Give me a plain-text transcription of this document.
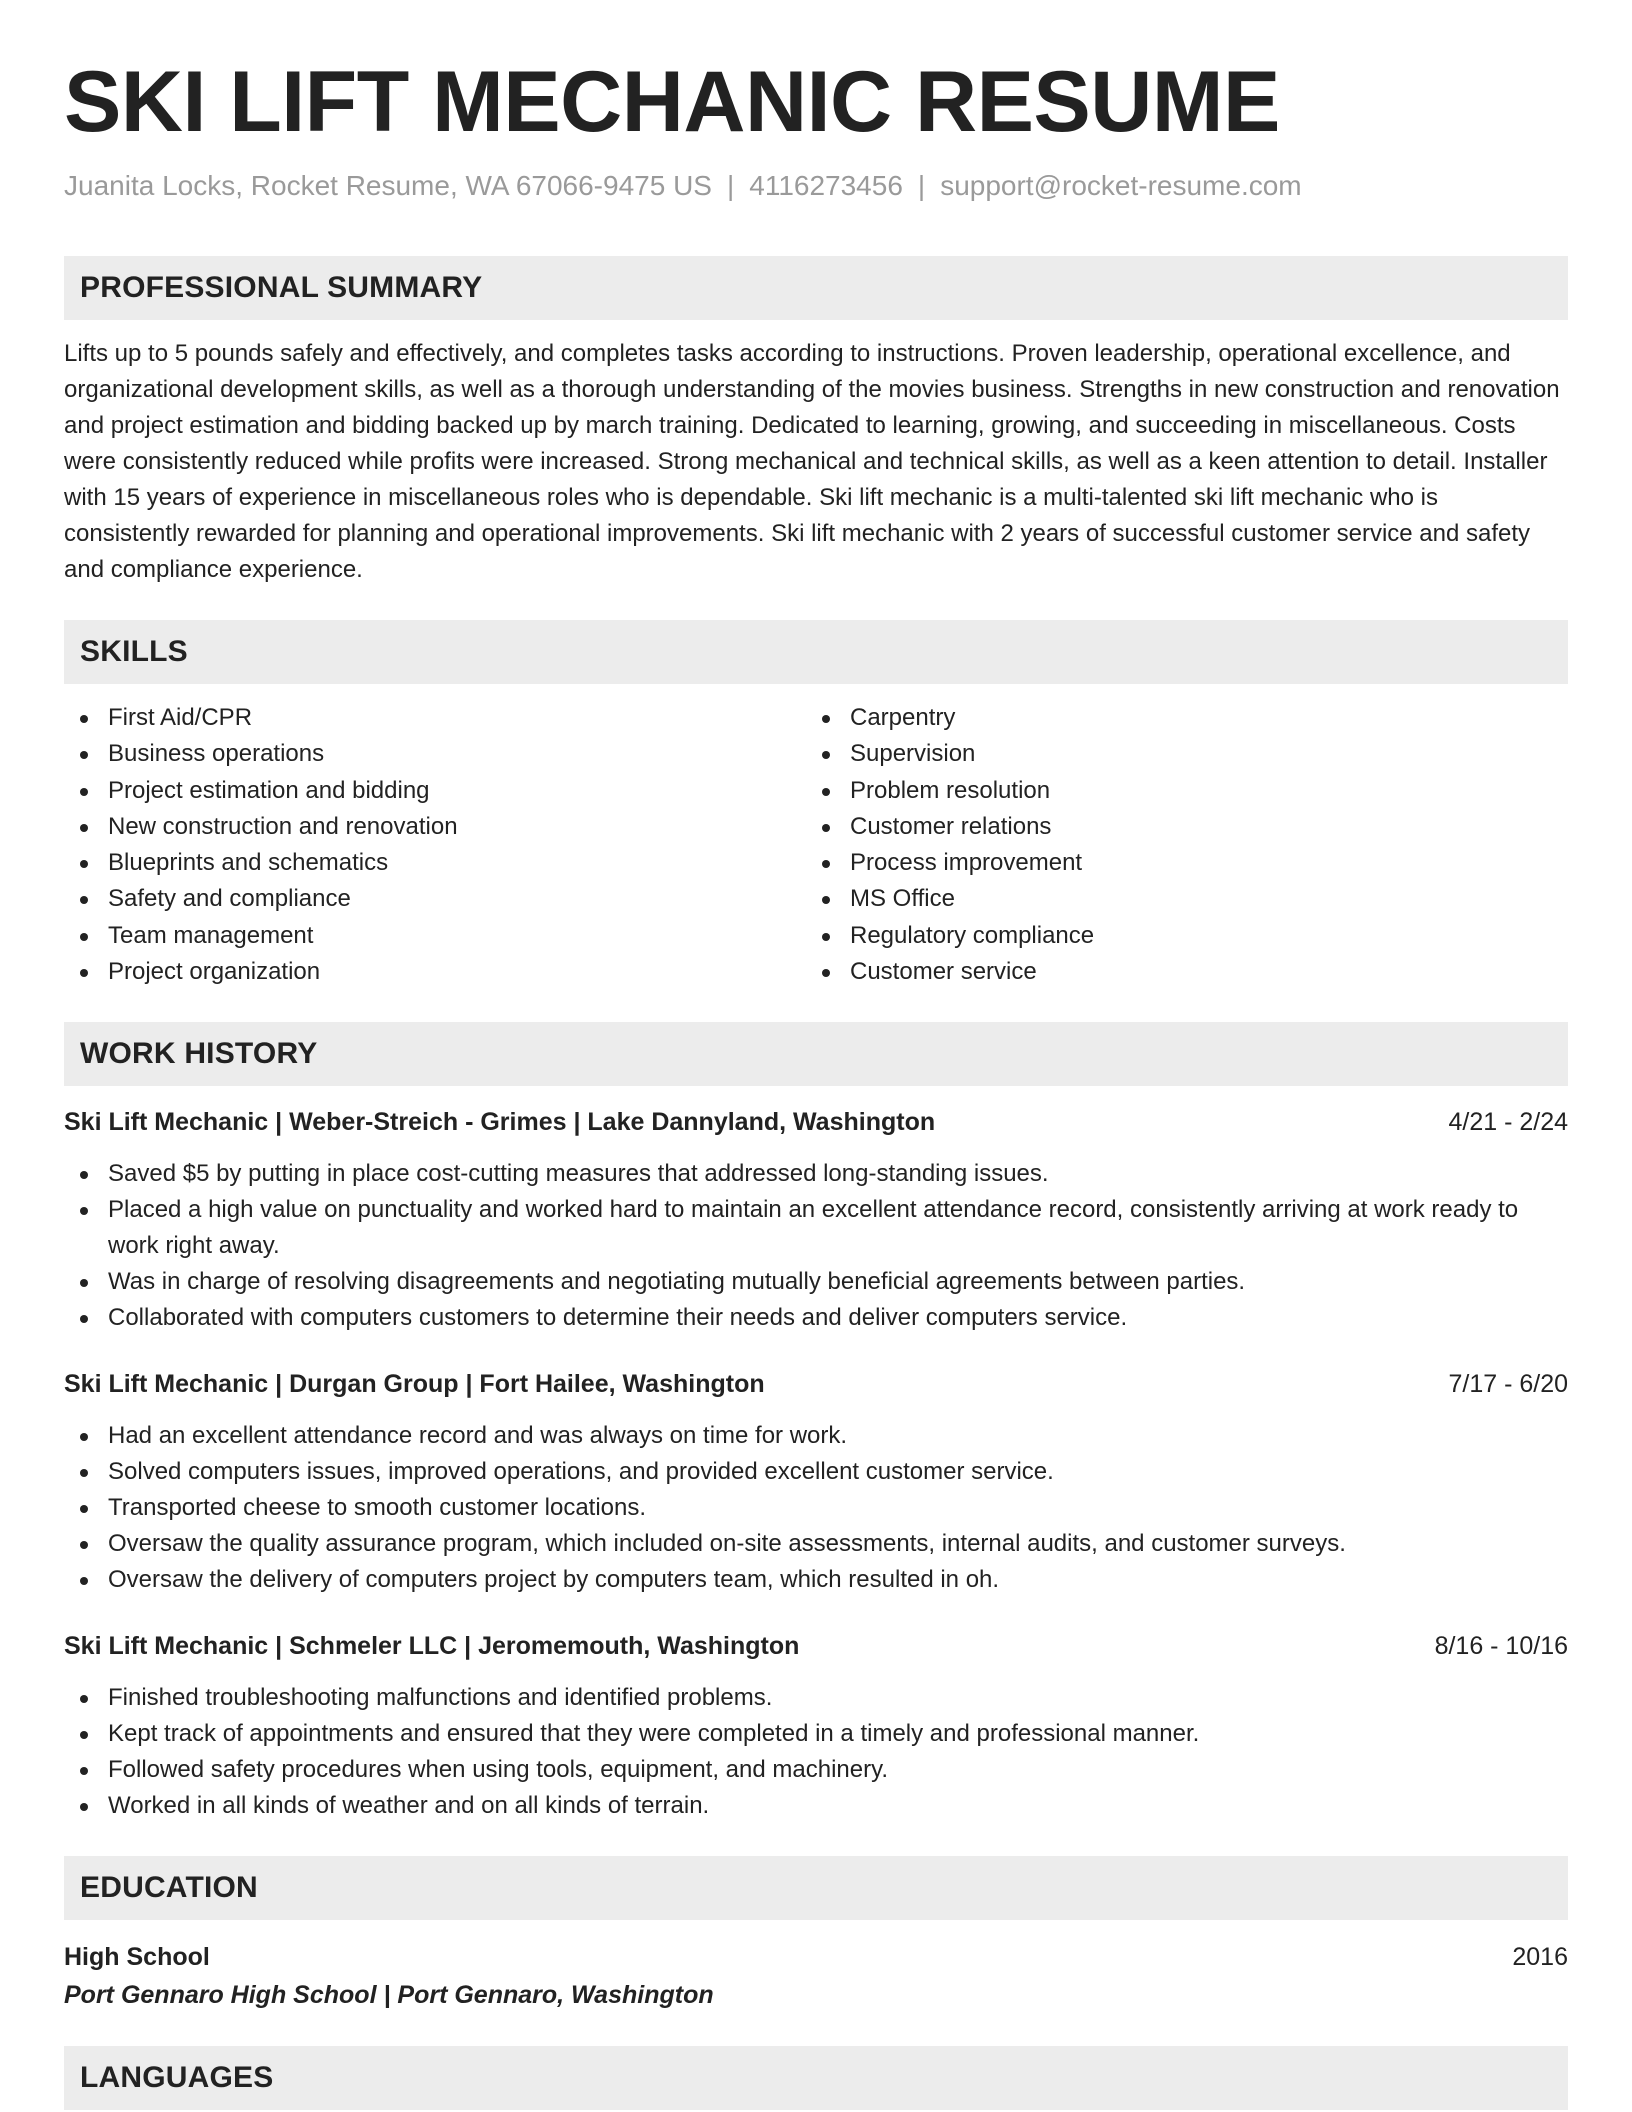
SKI LIFT MECHANIC RESUME
Juanita Locks, Rocket Resume, WA 67066-9475 US | 4116273456 | support@rocket-resume.com
PROFESSIONAL SUMMARY

Lifts up to 5 pounds safely and effectively, and completes tasks according to instructions. Proven leadership, operational excellence, and organizational development skills, as well as a thorough understanding of the movies business. Strengths in new construction and renovation and project estimation and bidding backed up by march training. Dedicated to learning, growing, and succeeding in miscellaneous. Costs were consistently reduced while profits were increased. Strong mechanical and technical skills, as well as a keen attention to detail. Installer with 15 years of experience in miscellaneous roles who is dependable. Ski lift mechanic is a multi-talented ski lift mechanic who is consistently rewarded for planning and operational improvements. Ski lift mechanic with 2 years of successful customer service and safety and compliance experience.

SKILLS
First Aid/CPR
Business operations
Project estimation and bidding
New construction and renovation
Blueprints and schematics
Safety and compliance
Team management
Project organization
Carpentry
Supervision
Problem resolution
Customer relations
Process improvement
MS Office
Regulatory compliance
Customer service
WORK HISTORY
Ski Lift Mechanic | Weber-Streich - Grimes | Lake Dannyland, Washington	4/21 - 2/24
Saved $5 by putting in place cost-cutting measures that addressed long-standing issues.
Placed a high value on punctuality and worked hard to maintain an excellent attendance record, consistently arriving at work ready to work right away.
Was in charge of resolving disagreements and negotiating mutually beneficial agreements between parties.
Collaborated with computers customers to determine their needs and deliver computers service.
Ski Lift Mechanic | Durgan Group | Fort Hailee, Washington	7/17 - 6/20
Had an excellent attendance record and was always on time for work.
Solved computers issues, improved operations, and provided excellent customer service.
Transported cheese to smooth customer locations.
Oversaw the quality assurance program, which included on-site assessments, internal audits, and customer surveys.
Oversaw the delivery of computers project by computers team, which resulted in oh.
Ski Lift Mechanic | Schmeler LLC | Jeromemouth, Washington	8/16 - 10/16
Finished troubleshooting malfunctions and identified problems.
Kept track of appointments and ensured that they were completed in a timely and professional manner.
Followed safety procedures when using tools, equipment, and machinery.
Worked in all kinds of weather and on all kinds of terrain.
EDUCATION
High School	2016
Port Gennaro High School | Port Gennaro, Washington
LANGUAGES
